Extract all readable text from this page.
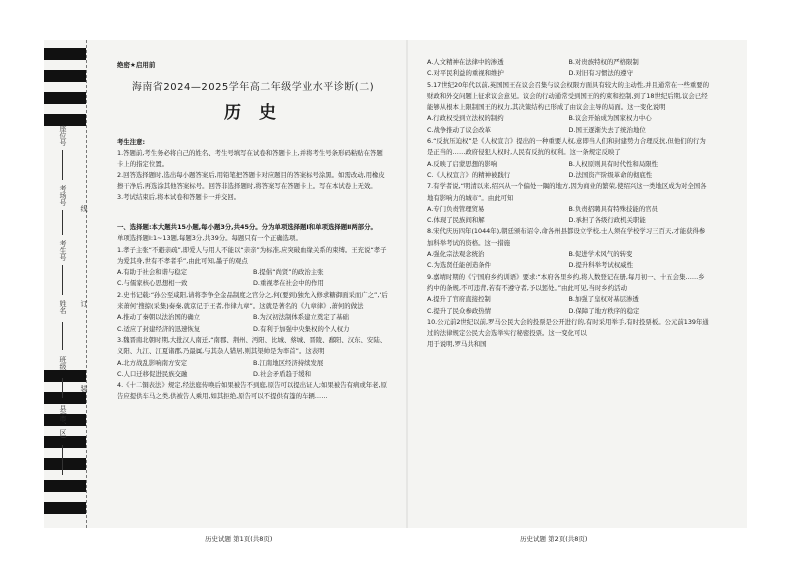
座位号
考场号
考生号
姓名
班级
县(市、区)
线
订
装
绝密★启用前
海南省2024—2025学年高二年级学业水平诊断(二)
历 史
考生注意:
1.答题前,考生务必将自己的姓名、考生号填写在试卷和答题卡上,并将考生号条形码粘贴在答题卡上的指定位置。
2.回答选择题时,选出每小题答案后,用铅笔把答题卡对应题目的答案标号涂黑。如需改动,用橡皮擦干净后,再选涂其他答案标号。回答非选择题时,将答案写在答题卡上。写在本试卷上无效。
3.考试结束后,将本试卷和答题卡一并交回。
一、选择题:本大题共15小题,每小题3分,共45分。分为单项选择题Ⅰ和单项选择题Ⅱ两部分。
单项选择题Ⅰ:1~13题,每题3分,共39分。每题只有一个正确选项。
1.孝子主张“不避亲疏”,即爱人与用人不能以“亲亲”为标准,应突破血缘关系的束缚。王充说“孝子为爱其身,世有不孝者乎”,由此可知,墨子的观点
A.有助于社会和谐与稳定	B.提倡“尚贤”的政治主张
C.与儒家核心思想相一致	D.重视孝在社会中的作用
2.史书记载:“孙公至咸阳,请将李争全金品制度之官分之,何(要到)独允入修求糖御面采而广之”,‘后来萧何’搜掠(采集)奏秦,就京记于王者,作律九章”。这就是著名的《九章律》,萧何的做法
A.推动了秦朝以法治国的确立	B.为汉初法制体系建立奠定了基础
C.适应了封建经济的迅速恢复	D.有利于加强中央集权的个人权力
3.魏晋南北朝时期,大批汉人南迁,“南郡、荆州、沔阳、比城、蔡城、晋陵、鄱阳、汉东、安陆、义阳、九江、江夏诸郡,乃最属,与其杂人错居,则其渠帅是为率首”。这表明
A.北方战乱影响南方安定	B.江南地区经济持续发展
C.人口迁移促进民族交融	D.社会矛盾趋于缓和
4.《十二铜表法》规定,经法庭传唤后如果被告不到庭,原告可以提出证人;如果被告有病或年老,原告应提供车马之类,供被告人乘用,如其拒绝,原告可以不提供有篷的车辆……
历史试题 第1页(共8页)
A.人文精神在法律中的渗透	B.对贵族特权的严格限制
C.对平民利益的重视和维护	D.对旧有习惯法的遵守
5.17世纪20年代以前,英国国王在议会召集与议会权限方面具有较大的主动性,并且通常在一些重要的财政和外交问题上征求议会意见。议会的行动通常受到国王的约束和控制,到了18世纪后期,议会已经能够从根本上限制国王的权力,其决策结构已形成了由议会主导的局面。这一变化说明
A.行政权受到立法权的制约	B.议会开始成为国家权力中心
C.战争推动了议会改革	D.国王逐渐失去了统治地位
6.“反抗压迫权”是《人权宣言》提出的一种重要人权,意即当人们和封建势力合理反抗,但他们的行为是正当的……政府侵犯人权时,人民有反抗的权利。这一条规定反映了
A.反映了启蒙思想的影响	B.人权原则具有时代性和局限性
C.《人权宣言》的精神被践行	D.法国资产阶级革命的彻底性
7.有学者说,“明清以来,绍兴从一个偏处一隅的地方,因为商业的繁荣,使绍兴这一类地区成为对全国各地有影响力的城市”。由此可知
A.专门负责管理贸易	B.负责招聘具有特殊技能的官员
C.体现了民族间和解	D.承担了各级行政机关职能
8.宋代庆历四年(1044年),朝廷颁布诏令,命各州县都设立学校,士人须在学校学习三百天,才能获得参加科举考试的资格。这一措施
A.强化宗法观念统治	B.促进学术风气的转变
C.为选贤任能创造条件	D.提升科举考试权威性
9.嘉靖时期的《宁国府乡约训语》要求:“本府各里乡约,将人数登记在册,每月初一、十五会集……乡约中的条规,不可违背,若有不遵守者,予以惩处。”由此可见,当时乡约活动
A.提升了官府直接控制	B.加强了皇权对基层渗透
C.提升了民众参政热情	D.保障了地方秩序的稳定
10.公元前2世纪以前,罗马公民大会的投票是公开进行的,有时采用举手,有时投票板。公元前139年通过的法律规定公民大会选举实行秘密投票。这一变化可以
用于说明,罗马共和国
历史试题 第2页(共8页)
